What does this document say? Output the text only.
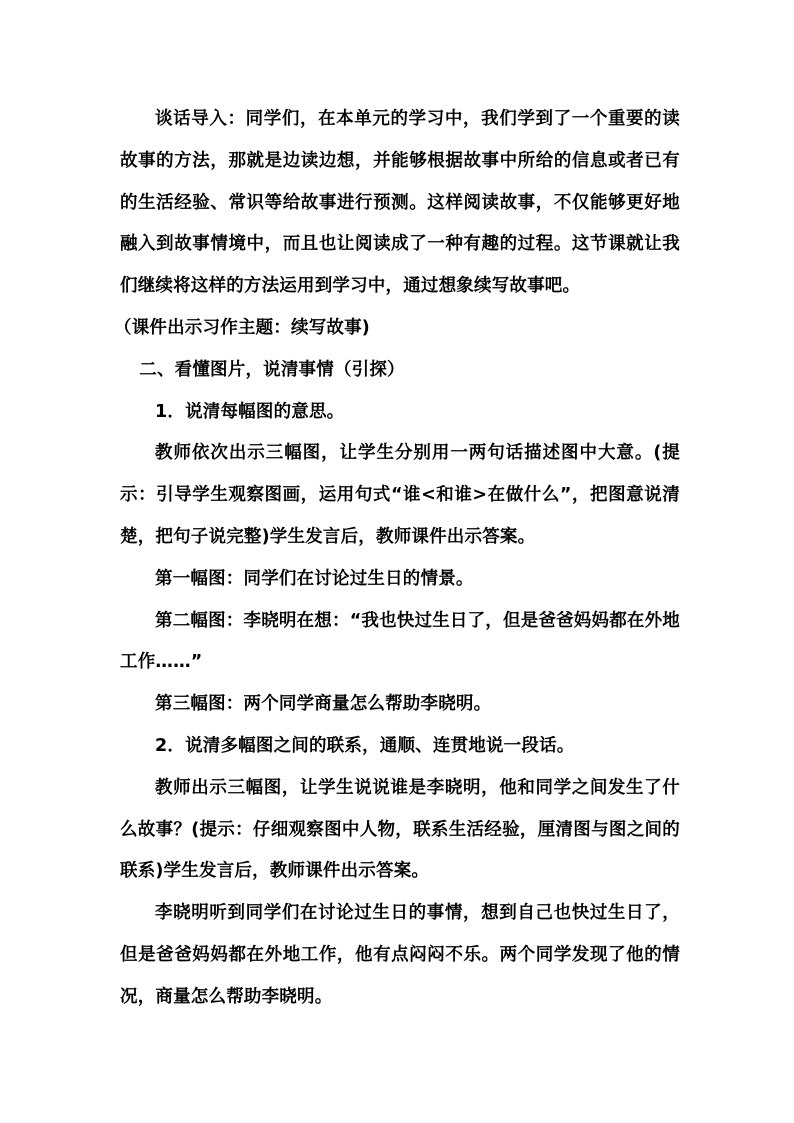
谈话导入：同学们，在本单元的学习中，我们学到了一个重要的读故事的方法，那就是边读边想，并能够根据故事中所给的信息或者已有的生活经验、常识等给故事进行预测。这样阅读故事，不仅能够更好地融入到故事情境中，而且也让阅读成了一种有趣的过程。这节课就让我们继续将这样的方法运用到学习中，通过想象续写故事吧。

（课件出示习作主题：续写故事)

二、看懂图片，说清事情（引探）

1．说清每幅图的意思。

教师依次出示三幅图，让学生分别用一两句话描述图中大意。(提示：引导学生观察图画，运用句式“谁<和谁>在做什么”，把图意说清楚，把句子说完整)学生发言后，教师课件出示答案。

第一幅图：同学们在讨论过生日的情景。

第二幅图：李晓明在想：“我也快过生日了，但是爸爸妈妈都在外地工作……”

第三幅图：两个同学商量怎么帮助李晓明。

2．说清多幅图之间的联系，通顺、连贯地说一段话。

教师出示三幅图，让学生说说谁是李晓明，他和同学之间发生了什么故事？(提示：仔细观察图中人物，联系生活经验，厘清图与图之间的联系)学生发言后，教师课件出示答案。

李晓明听到同学们在讨论过生日的事情，想到自己也快过生日了，但是爸爸妈妈都在外地工作，他有点闷闷不乐。两个同学发现了他的情况，商量怎么帮助李晓明。
